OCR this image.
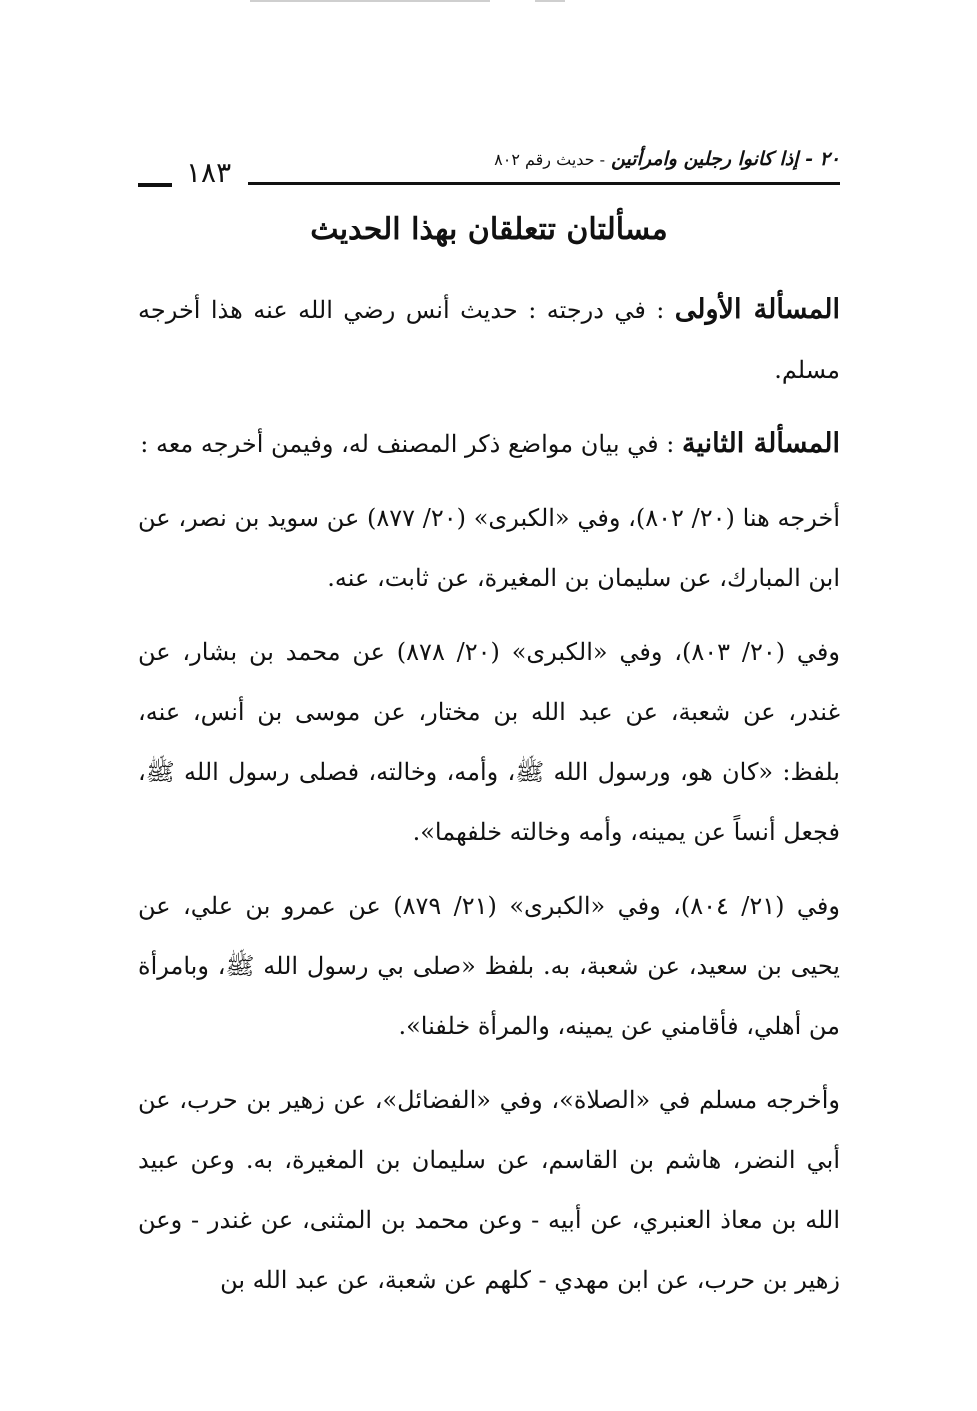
٢٠ - إذا كانوا رجلين وامرأتين - حديث رقم ٨٠٢
١٨٣
مسألتان تتعلقان بهذا الحديث

المسألة الأولى : في درجته : حديث أنس رضي الله عنه هذا أخرجه مسلم.

المسألة الثانية : في بيان مواضع ذكر المصنف له، وفيمن أخرجه معه :

أخرجه هنا (٢٠/ ٨٠٢)، وفي «الكبرى» (٢٠/ ٨٧٧) عن سويد بن نصر، عن ابن المبارك، عن سليمان بن المغيرة، عن ثابت، عنه.

وفي (٢٠/ ٨٠٣)، وفي «الكبرى» (٢٠/ ٨٧٨) عن محمد بن بشار، عن غندر، عن شعبة، عن عبد الله بن مختار، عن موسى بن أنس، عنه، بلفظ: «كان هو، ورسول الله ﷺ، وأمه، وخالته، فصلى رسول الله ﷺ، فجعل أنساً عن يمينه، وأمه وخالته خلفهما».

وفي (٢١/ ٨٠٤)، وفي «الكبرى» (٢١/ ٨٧٩) عن عمرو بن علي، عن يحيى بن سعيد، عن شعبة، به. بلفظ «صلى بي رسول الله ﷺ، وبامرأة من أهلي، فأقامني عن يمينه، والمرأة خلفنا».

وأخرجه مسلم في «الصلاة»، وفي «الفضائل»، عن زهير بن حرب، عن أبي النضر، هاشم بن القاسم، عن سليمان بن المغيرة، به. وعن عبيد الله بن معاذ العنبري، عن أبيه - وعن محمد بن المثنى، عن غندر - وعن زهير بن حرب، عن ابن مهدي - كلهم عن شعبة، عن عبد الله بن
